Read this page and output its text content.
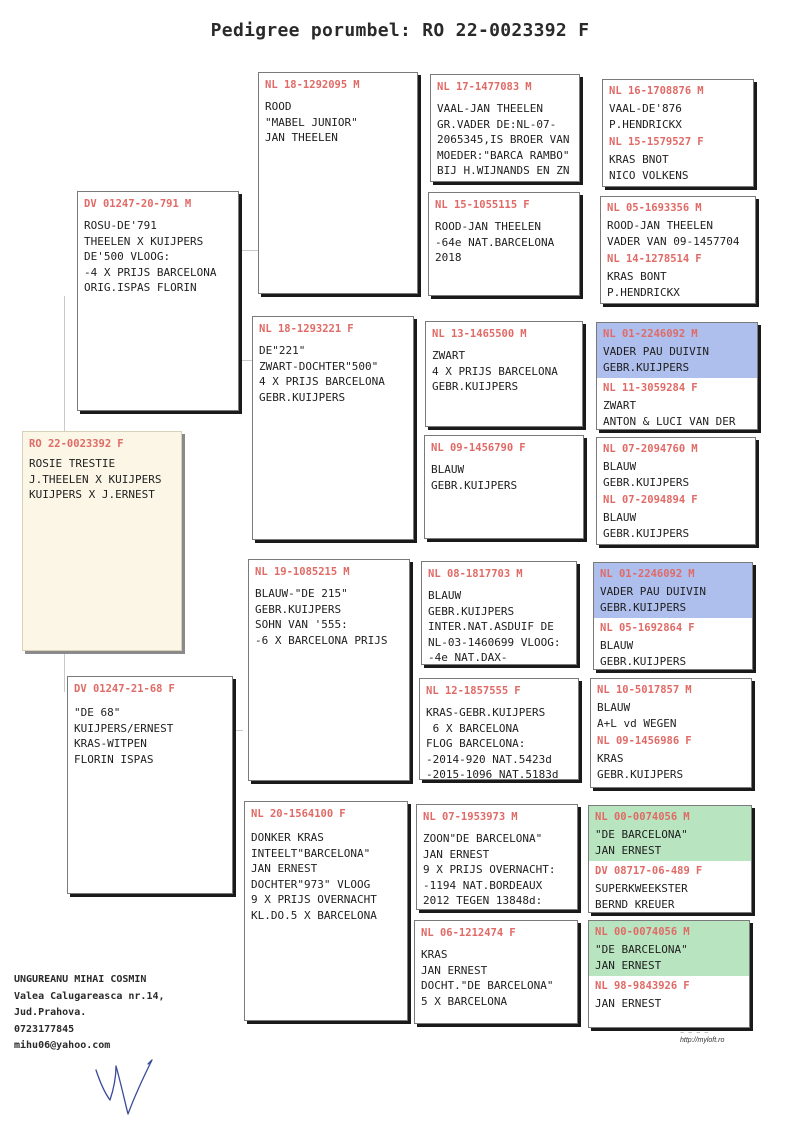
Pedigree porumbel: RO 22-0023392 F
RO 22-0023392 F
ROSIE TRESTIE
J.THEELEN X KUIJPERS
KUIJPERS X J.ERNEST
DV 01247-20-791 M
ROSU-DE'791
THEELEN X KUIJPERS
DE'500 VLOOG:
-4 X PRIJS BARCELONA
ORIG.ISPAS FLORIN
DV 01247-21-68 F
"DE 68"
KUIJPERS/ERNEST
KRAS-WITPEN
FLORIN ISPAS
NL 18-1292095 M
ROOD
"MABEL JUNIOR"
JAN THEELEN
NL 18-1293221 F
DE"221"
ZWART-DOCHTER"500"
4 X PRIJS BARCELONA
GEBR.KUIJPERS
NL 19-1085215 M
BLAUW-"DE 215"
GEBR.KUIJPERS
SOHN VAN '555:
-6 X BARCELONA PRIJS
NL 20-1564100 F
DONKER KRAS
INTEELT"BARCELONA"
JAN ERNEST
DOCHTER"973" VLOOG
9 X PRIJS OVERNACHT
KL.DO.5 X BARCELONA
NL 17-1477083 M
VAAL-JAN THEELEN
GR.VADER DE:NL-07-
2065345,IS BROER VAN
MOEDER:"BARCA RAMBO"
BIJ H.WIJNANDS EN ZN
NL 15-1055115 F
ROOD-JAN THEELEN
-64e NAT.BARCELONA
2018
NL 13-1465500 M
ZWART
4 X PRIJS BARCELONA
GEBR.KUIJPERS
NL 09-1456790 F
BLAUW
GEBR.KUIJPERS
NL 08-1817703 M
BLAUW
GEBR.KUIJPERS
INTER.NAT.ASDUIF DE
NL-03-1460699 VLOOG:
-4e NAT.DAX-
NL 12-1857555 F
KRAS-GEBR.KUIJPERS
6 X BARCELONA
FLOG BARCELONA:
-2014-920 NAT.5423d
-2015-1096 NAT.5183d
NL 07-1953973 M
ZOON"DE BARCELONA"
JAN ERNEST
9 X PRIJS OVERNACHT:
-1194 NAT.BORDEAUX
2012 TEGEN 13848d:
NL 06-1212474 F
KRAS
JAN ERNEST
DOCHT."DE BARCELONA"
5 X BARCELONA
NL 16-1708876 M
VAAL-DE'876
P.HENDRICKX
NL 15-1579527 F
KRAS BNOT
NICO VOLKENS
NL 05-1693356 M
ROOD-JAN THEELEN
VADER VAN 09-1457704
NL 14-1278514 F
KRAS BONT
P.HENDRICKX
NL 01-2246092 M
VADER PAU DUIVIN
GEBR.KUIJPERS
NL 11-3059284 F
ZWART
ANTON & LUCI VAN DER
NL 07-2094760 M
BLAUW
GEBR.KUIJPERS
NL 07-2094894 F
BLAUW
GEBR.KUIJPERS
NL 01-2246092 M
VADER PAU DUIVIN
GEBR.KUIJPERS
NL 05-1692864 F
BLAUW
GEBR.KUIJPERS
NL 10-5017857 M
BLAUW
A+L vd WEGEN
NL 09-1456986 F
KRAS
GEBR.KUIJPERS
NL 00-0074056 M
"DE BARCELONA"
JAN ERNEST
DV 08717-06-489 F
SUPERKWEEKSTER
BERND KREUER
NL 00-0074056 M
"DE BARCELONA"
JAN ERNEST
NL 98-9843926 F
JAN ERNEST
UNGUREANU MIHAI COSMIN
Valea Calugareasca nr.14,
Jud.Prahova.
0723177845
mihu06@yahoo.com
~ ~ ~ ~
http://myloft.ro
